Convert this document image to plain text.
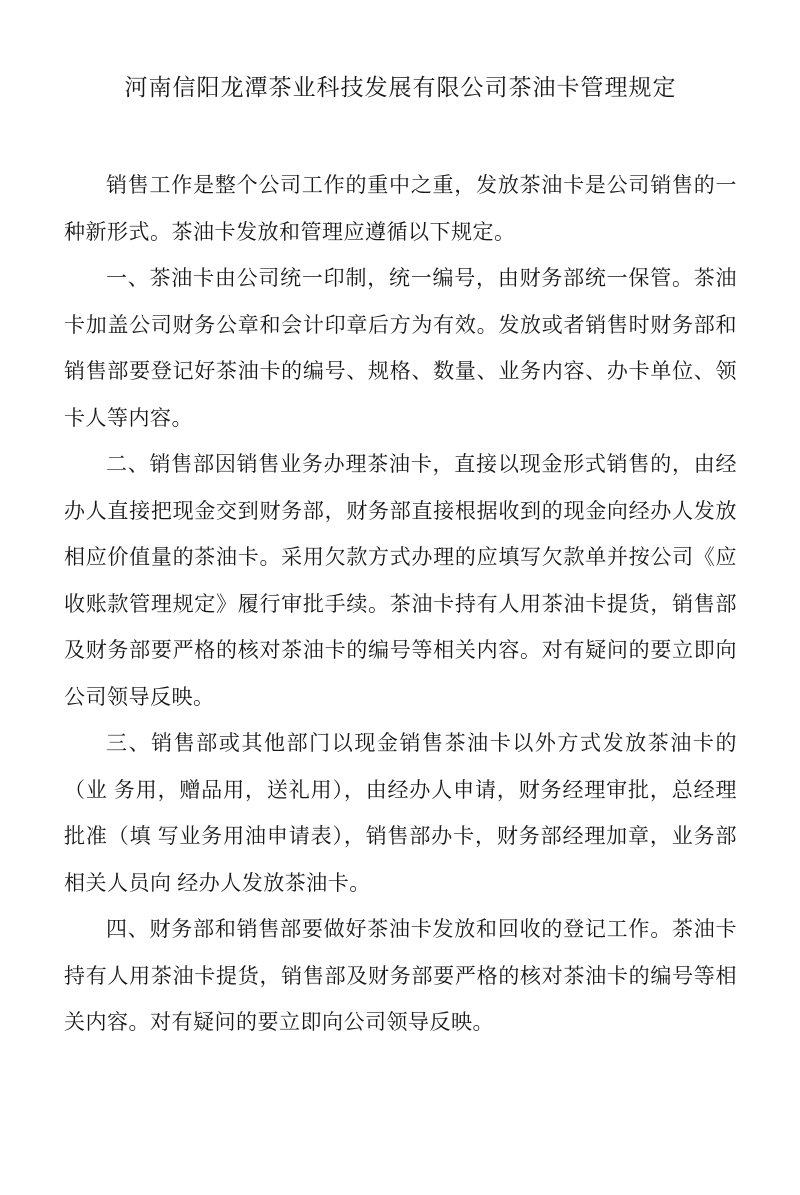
河南信阳龙潭茶业科技发展有限公司茶油卡管理规定

销售工作是整个公司工作的重中之重，发放茶油卡是公司销售的一 种新形式。茶油卡发放和管理应遵循以下规定。

一、茶油卡由公司统一印制，统一编号，由财务部统一保管。茶油 卡加盖公司财务公章和会计印章后方为有效。发放或者销售时财务部和 销售部要登记好茶油卡的编号、规格、数量、业务内容、办卡单位、领 卡人等内容。

二、销售部因销售业务办理茶油卡，直接以现金形式销售的，由经 办人直接把现金交到财务部，财务部直接根据收到的现金向经办人发放 相应价值量的茶油卡。采用欠款方式办理的应填写欠款单并按公司《应 收账款管理规定》履行审批手续。茶油卡持有人用茶油卡提货，销售部 及财务部要严格的核对茶油卡的编号等相关内容。对有疑问的要立即向 公司领导反映。

三、销售部或其他部门以现金销售茶油卡以外方式发放茶油卡的（业 务用，赠品用，送礼用），由经办人申请，财务经理审批，总经理批准（填 写业务用油申请表），销售部办卡，财务部经理加章，业务部相关人员向 经办人发放茶油卡。

四、财务部和销售部要做好茶油卡发放和回收的登记工作。茶油卡 持有人用茶油卡提货，销售部及财务部要严格的核对茶油卡的编号等相 关内容。对有疑问的要立即向公司领导反映。
